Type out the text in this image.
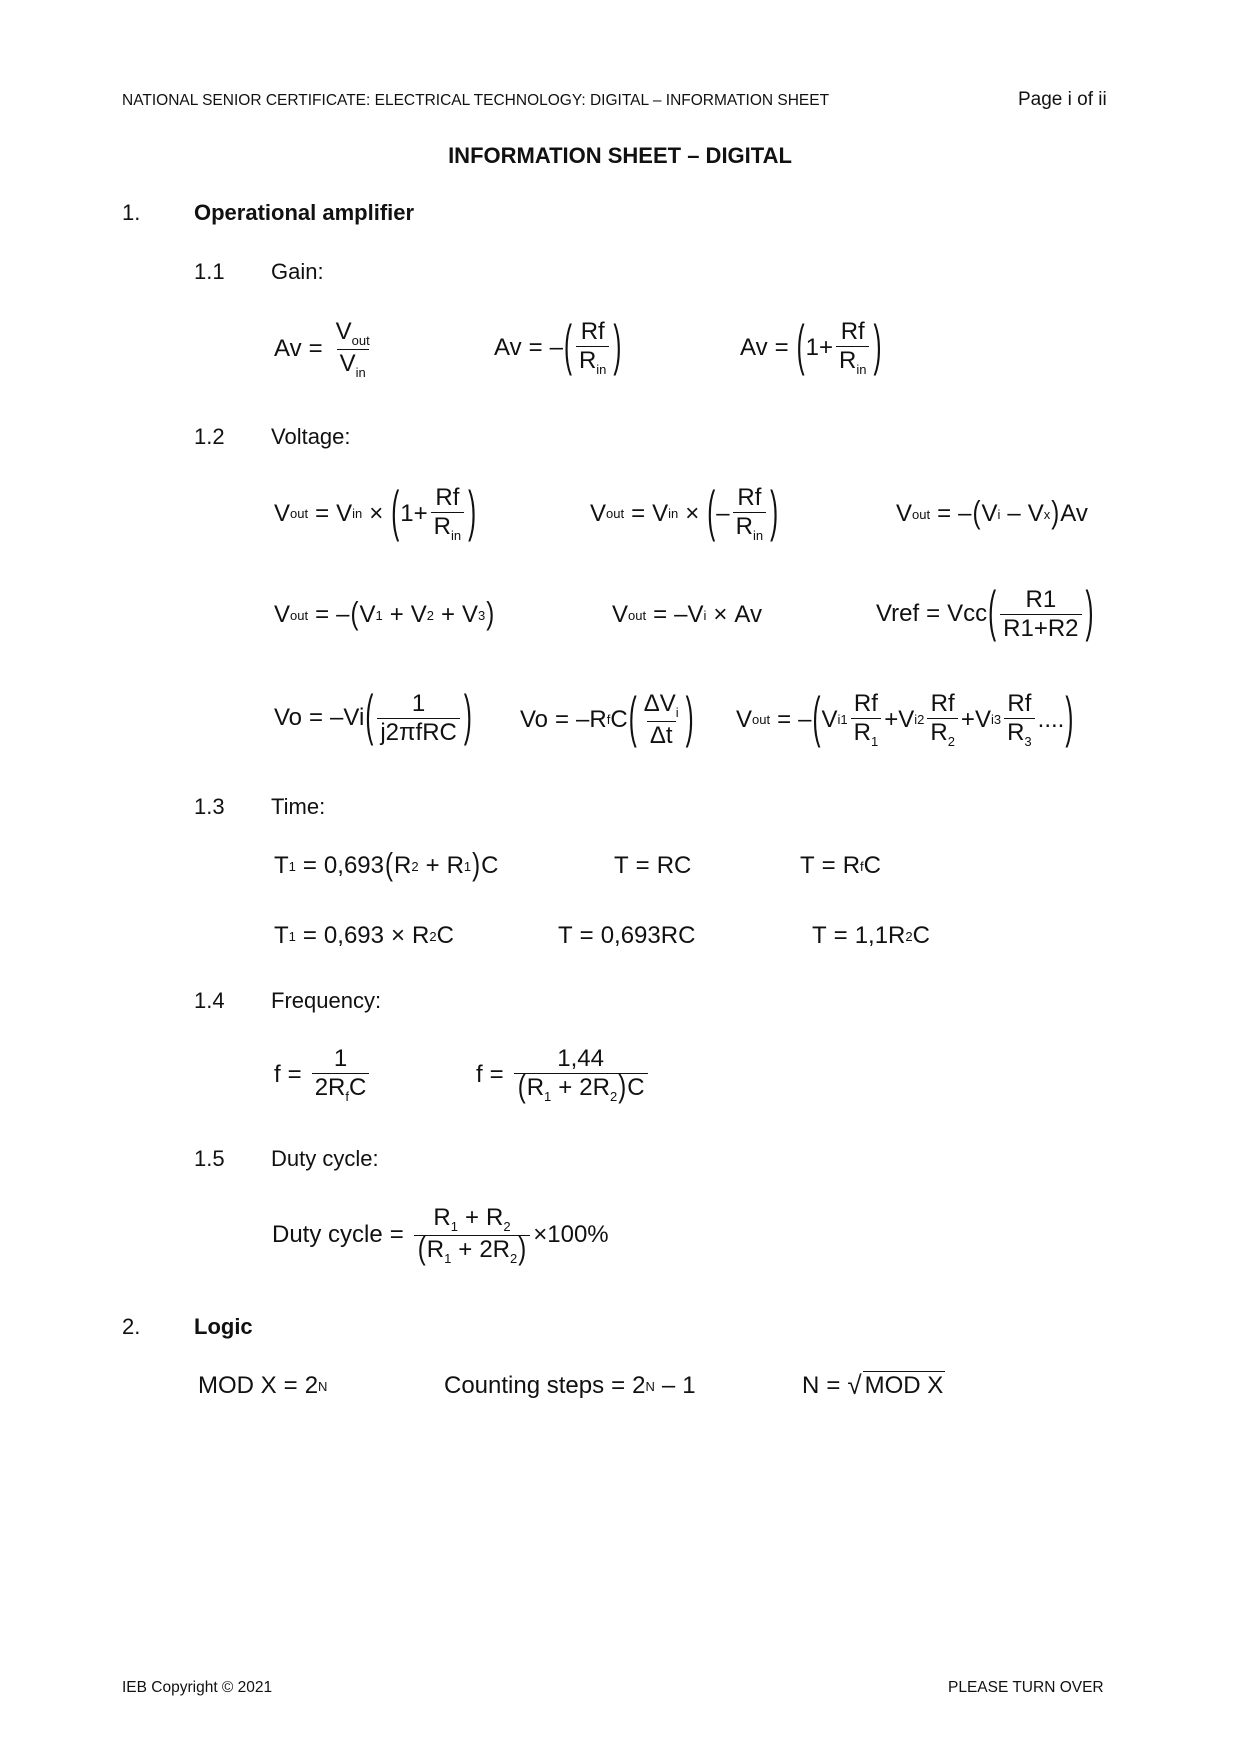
NATIONAL SENIOR CERTIFICATE: ELECTRICAL TECHNOLOGY: DIGITAL – INFORMATION SHEET	Page i of ii
INFORMATION SHEET – DIGITAL
1. Operational amplifier
1.1 Gain:
Av =
$V_{out}$
$V_{in}$
Av = – ( Rf
$R_{in}$ )	Av = ( 1+
Rf
$R_{in}$ )
1.2 Voltage:
V out = V in × ( 1+
Rf
$R_{in}$ )	V out = V in × ( –
Rf
$R_{in}$ )	V out = – ( V i – V x ) Av
V out = – ( V 1 + V 2 + V 3 )	V out = –V i × Av	Vref = Vcc ( R1
R1+R2 )
Vo = –Vi ( 1
j2πfRC ) Vo = –R f C ( $\Delta V_i$
Δt ) V out = – ( V i1
Rf
$R_1$
+V i2
Rf
$R_2$
+V i3
Rf
$R_3$
.... )
1.3 Time:
T 1 = 0,693 ( R 2 + R 1 ) C	T = RC	T = R f C
T 1 = 0,693 × R 2 C	T = 0,693RC	T = 1,1R 2 C
1.4 Frequency:
f =
1
$2R_fC$	$f = \frac{1,44}{(R_1 + 2R_2)C}$
1.5 Duty cycle:
Duty cycle = $\frac{R_1 + R_2}{(R_1 + 2R_2)} \times 100\%$
2. Logic
MOD X = 2 N	Counting steps = 2 N – 1	N = √ MOD X
IEB Copyright © 2021	PLEASE TURN OVER
